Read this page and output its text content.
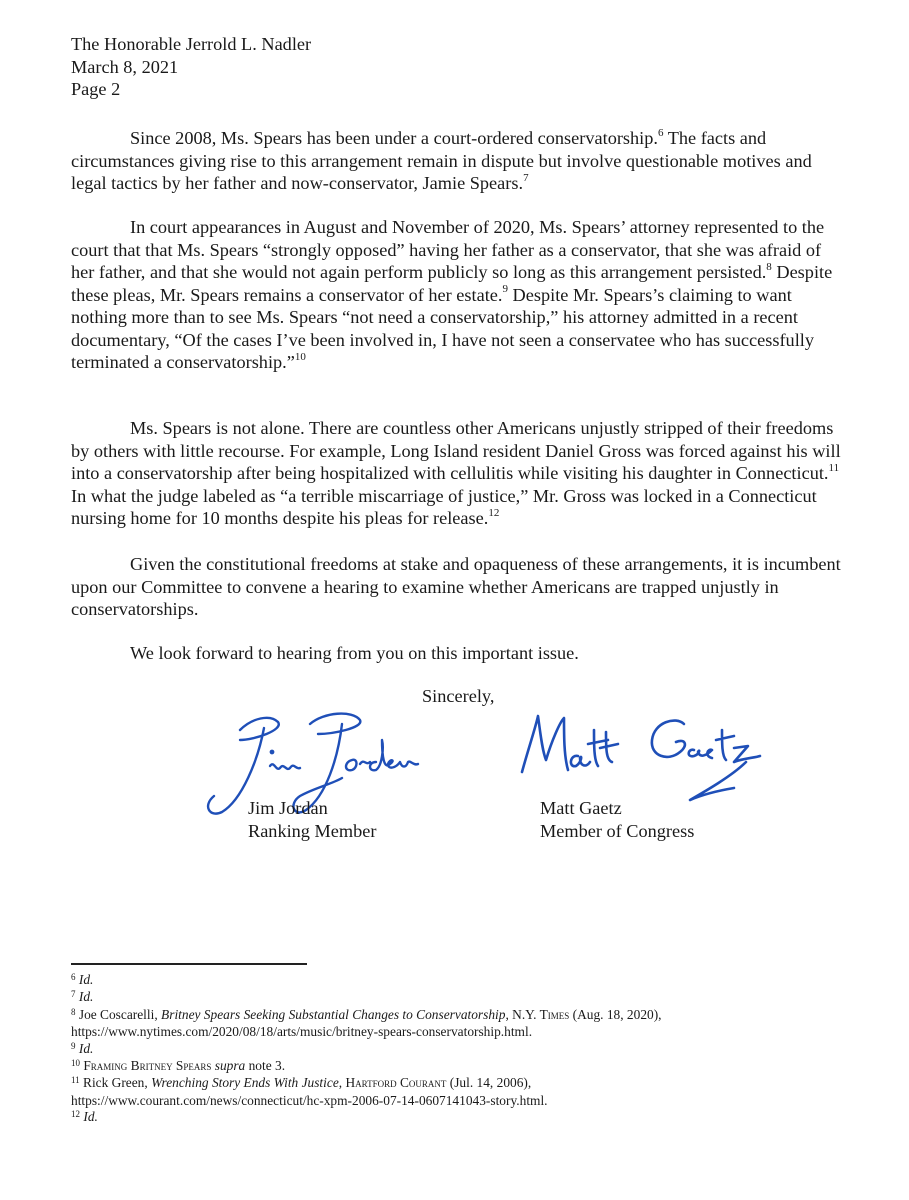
The Honorable Jerrold L. Nadler
March 8, 2021
Page 2

Since 2008, Ms. Spears has been under a court-ordered conservatorship.$^6$ The facts and circumstances giving rise to this arrangement remain in dispute but involve questionable motives and legal tactics by her father and now-conservator, Jamie Spears.$^7$

In court appearances in August and November of 2020, Ms. Spears’ attorney represented to the court that that Ms. Spears “strongly opposed” having her father as a conservator, that she was afraid of her father, and that she would not again perform publicly so long as this arrangement persisted.$^8$ Despite these pleas, Mr. Spears remains a conservator of her estate.$^9$ Despite Mr. Spears’s claiming to want nothing more than to see Ms. Spears “not need a conservatorship,” his attorney admitted in a recent documentary, “Of the cases I’ve been involved in, I have not seen a conservatee who has successfully terminated a conservatorship.”$^{10}$

Ms. Spears is not alone. There are countless other Americans unjustly stripped of their freedoms by others with little recourse. For example, Long Island resident Daniel Gross was forced against his will into a conservatorship after being hospitalized with cellulitis while visiting his daughter in Connecticut.$^{11}$ In what the judge labeled as “a terrible miscarriage of justice,” Mr. Gross was locked in a Connecticut nursing home for 10 months despite his pleas for release.$^{12}$

Given the constitutional freedoms at stake and opaqueness of these arrangements, it is incumbent upon our Committee to convene a hearing to examine whether Americans are trapped unjustly in conservatorships.

We look forward to hearing from you on this important issue.

Sincerely,
Jim Jordan
Ranking Member
Matt Gaetz
Member of Congress
$^6$ Id.
$^7$ Id.
$^8$ Joe Coscarelli, Britney Spears Seeking Substantial Changes to Conservatorship, N.Y. Times (Aug. 18, 2020),
https://www.nytimes.com/2020/08/18/arts/music/britney-spears-conservatorship.html.
$^9$ Id.
$^{10}$ Framing Britney Spears supra note 3.
$^{11}$ Rick Green, Wrenching Story Ends With Justice, Hartford Courant (Jul. 14, 2006),
https://www.courant.com/news/connecticut/hc-xpm-2006-07-14-0607141043-story.html.
$^{12}$ Id.
